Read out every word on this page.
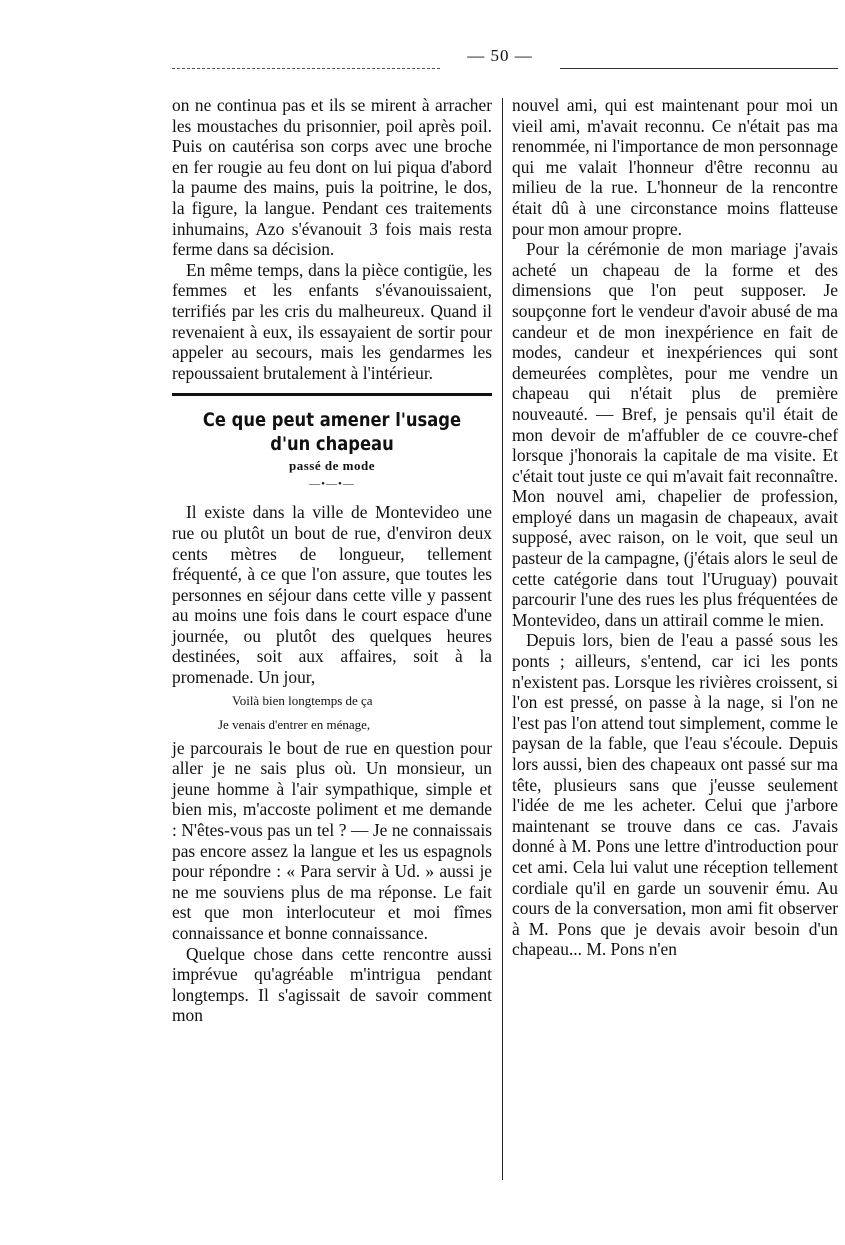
— 50 —

on ne continua pas et ils se mirent à arracher les moustaches du prisonnier, poil après poil. Puis on cautérisa son corps avec une broche en fer rougie au feu dont on lui piqua d'abord la paume des mains, puis la poitrine, le dos, la figure, la langue. Pendant ces traitements inhumains, Azo s'évanouit 3 fois mais resta ferme dans sa décision.

En même temps, dans la pièce contigüe, les femmes et les enfants s'évanouissaient, terrifiés par les cris du malheureux. Quand il revenaient à eux, ils essayaient de sortir pour appeler au secours, mais les gendarmes les repoussaient brutalement à l'intérieur.

Ce que peut amener l'usage d'un chapeau

passé de mode

—•—•—

Il existe dans la ville de Montevideo une rue ou plutôt un bout de rue, d'environ deux cents mètres de longueur, tellement fréquenté, à ce que l'on assure, que toutes les personnes en séjour dans cette ville y passent au moins une fois dans le court espace d'une journée, ou plutôt des quelques heures destinées, soit aux affaires, soit à la promenade. Un jour,

Voilà bien longtemps de ça
Je venais d'entrer en ménage,

je parcourais le bout de rue en question pour aller je ne sais plus où. Un monsieur, un jeune homme à l'air sympathique, simple et bien mis, m'accoste poliment et me demande : N'êtes-vous pas un tel ? — Je ne connaissais pas encore assez la langue et les us espagnols pour répondre : « Para servir à Ud. » aussi je ne me souviens plus de ma réponse. Le fait est que mon interlocuteur et moi fîmes connaissance et bonne connaissance.

Quelque chose dans cette rencontre aussi imprévue qu'agréable m'intrigua pendant longtemps. Il s'agissait de savoir comment mon

nouvel ami, qui est maintenant pour moi un vieil ami, m'avait reconnu. Ce n'était pas ma renommée, ni l'importance de mon personnage qui me valait l'honneur d'être reconnu au milieu de la rue. L'honneur de la rencontre était dû à une circonstance moins flatteuse pour mon amour propre.

Pour la cérémonie de mon mariage j'avais acheté un chapeau de la forme et des dimensions que l'on peut supposer. Je soupçonne fort le vendeur d'avoir abusé de ma candeur et de mon inexpérience en fait de modes, candeur et inexpériences qui sont demeurées complètes, pour me vendre un chapeau qui n'était plus de première nouveauté. — Bref, je pensais qu'il était de mon devoir de m'affubler de ce couvre-chef lorsque j'honorais la capitale de ma visite. Et c'était tout juste ce qui m'avait fait reconnaître. Mon nouvel ami, chapelier de profession, employé dans un magasin de chapeaux, avait supposé, avec raison, on le voit, que seul un pasteur de la campagne, (j'étais alors le seul de cette catégorie dans tout l'Uruguay) pouvait parcourir l'une des rues les plus fréquentées de Montevideo, dans un attirail comme le mien.

Depuis lors, bien de l'eau a passé sous les ponts ; ailleurs, s'entend, car ici les ponts n'existent pas. Lorsque les rivières croissent, si l'on est pressé, on passe à la nage, si l'on ne l'est pas l'on attend tout simplement, comme le paysan de la fable, que l'eau s'écoule. Depuis lors aussi, bien des chapeaux ont passé sur ma tête, plusieurs sans que j'eusse seulement l'idée de me les acheter. Celui que j'arbore maintenant se trouve dans ce cas. J'avais donné à M. Pons une lettre d'introduction pour cet ami. Cela lui valut une réception tellement cordiale qu'il en garde un souvenir ému. Au cours de la conversation, mon ami fit observer à M. Pons que je devais avoir besoin d'un chapeau... M. Pons n'en
